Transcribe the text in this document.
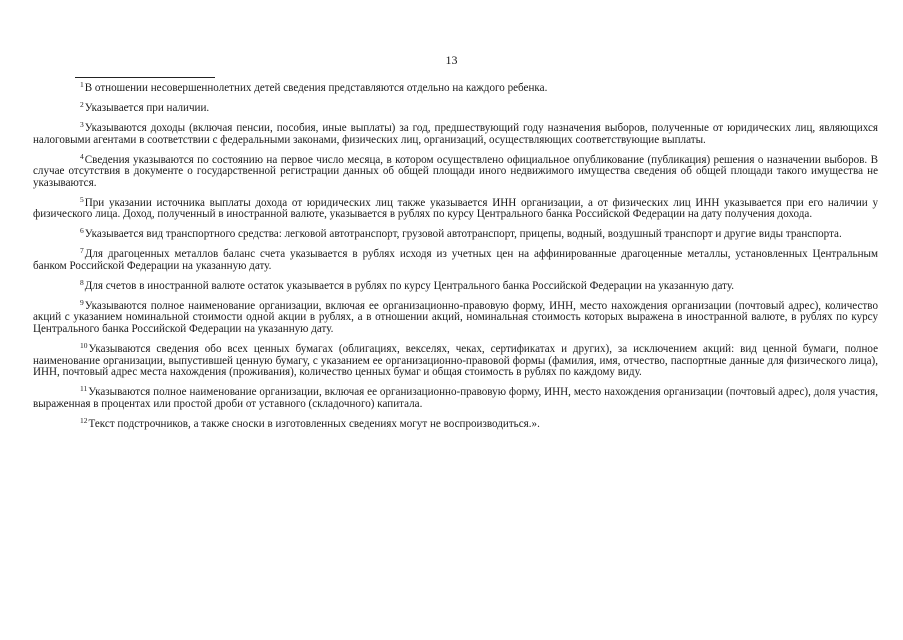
13

$^1$В отношении несовершеннолетних детей сведения представляются отдельно на каждого ребенка.

$^2$Указывается при наличии.

$^3$Указываются доходы (включая пенсии, пособия, иные выплаты) за год, предшествующий году назначения выборов, полученные от юридических лиц, являющихся налоговыми агентами в соответствии с федеральными законами, физических лиц, организаций, осуществляющих соответствующие выплаты.

$^4$Сведения указываются по состоянию на первое число месяца, в котором осуществлено официальное опубликование (публикация) решения о назначении выборов. В случае отсутствия в документе о государственной регистрации данных об общей площади иного недвижимого имущества сведения об общей площади такого имущества не указываются.

$^5$При указании источника выплаты дохода от юридических лиц также указывается ИНН организации, а от физических лиц ИНН указывается при его наличии у физического лица. Доход, полученный в иностранной валюте, указывается в рублях по курсу Центрального банка Российской Федерации на дату получения дохода.

$^6$Указывается вид транспортного средства: легковой автотранспорт, грузовой автотранспорт, прицепы, водный, воздушный транспорт и другие виды транспорта.

$^7$Для драгоценных металлов баланс счета указывается в рублях исходя из учетных цен на аффинированные драгоценные металлы, установленных Центральным банком Российской Федерации на указанную дату.

$^8$Для счетов в иностранной валюте остаток указывается в рублях по курсу Центрального банка Российской Федерации на указанную дату.

$^9$Указываются полное наименование организации, включая ее организационно-правовую форму, ИНН, место нахождения организации (почтовый адрес), количество акций с указанием номинальной стоимости одной акции в рублях, а в отношении акций, номинальная стоимость которых выражена в иностранной валюте, в рублях по курсу Центрального банка Российской Федерации на указанную дату.

$^{10}$Указываются сведения обо всех ценных бумагах (облигациях, векселях, чеках, сертификатах и других), за исключением акций: вид ценной бумаги, полное наименование организации, выпустившей ценную бумагу, с указанием ее организационно-правовой формы (фамилия, имя, отчество, паспортные данные для физического лица), ИНН, почтовый адрес места нахождения (проживания), количество ценных бумаг и общая стоимость в рублях по каждому виду.

$^{11}$Указываются полное наименование организации, включая ее организационно-правовую форму, ИНН, место нахождения организации (почтовый адрес), доля участия, выраженная в процентах или простой дроби от уставного (складочного) капитала.

$^{12}$Текст подстрочников, а также сноски в изготовленных сведениях могут не воспроизводиться.».
